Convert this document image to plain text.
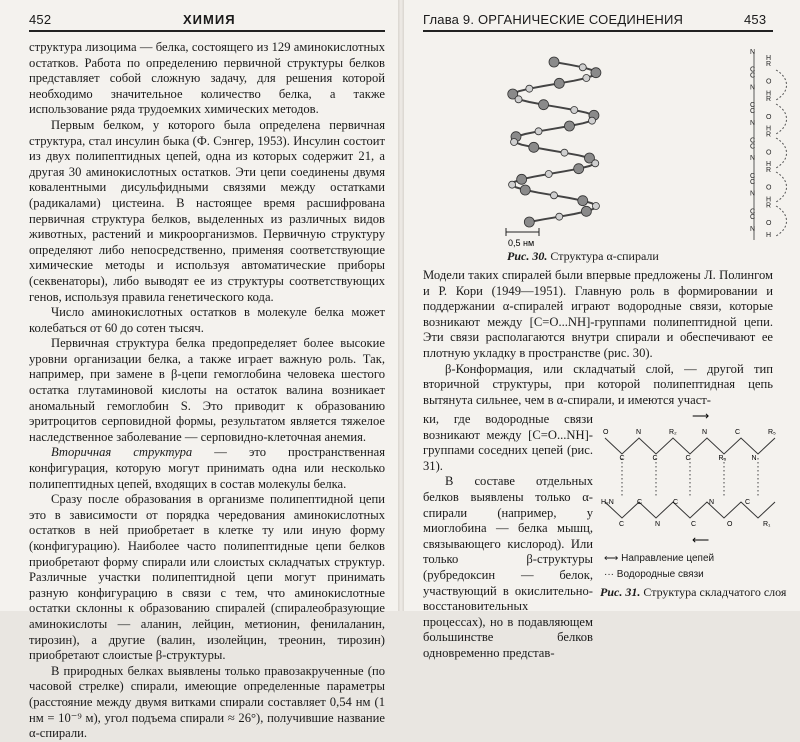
452	ХИМИЯ

структура лизоцима — белка, состоящего из 129 аминокислотных остатков. Работа по определению первичной структуры белков представляет собой сложную задачу, для решения которой необходимо значительное количество белка, а также использование ряда трудоемких химических методов.

Первым белком, у которого была определена первичная структура, стал инсулин быка (Ф. Сэнгер, 1953). Инсулин состоит из двух полипептидных цепей, одна из которых содержит 21, а другая 30 аминокислотных остатков. Эти цепи соединены двумя ковалентными дисульфидными связями между остатками (радикалами) цистеина. В настоящее время расшифрована первичная структура белков, выделенных из различных видов животных, растений и микроорганизмов. Первичную структуру определяют либо непосредственно, применяя соответствующие химические методы и используя автоматические приборы (секвенаторы), либо выводят ее из структуры соответствующих генов, используя правила генетического кода.

Число аминокислотных остатков в молекуле белка может колебаться от 60 до сотен тысяч.

Первичная структура белка предопределяет более высокие уровни организации белка, а также играет важную роль. Так, например, при замене в β-цепи гемоглобина человека шестого остатка глутаминовой кислоты на остаток валина возникает аномальный гемоглобин S. Это приводит к образованию эритроцитов серповидной формы, результатом является тяжелое наследственное заболевание — серповидно-клеточная анемия.

Вторичная структура — это пространственная конфигурация, которую могут принимать одна или несколько полипептидных цепей, входящих в состав молекулы белка.

Сразу после образования в организме полипептидной цепи это в зависимости от порядка чередования аминокислотных остатков в ней приобретает в клетке ту или иную форму (конфигурацию). Наиболее часто полипептидные цепи белков приобретают форму спирали или слоистых складчатых структур. Различные участки полипептидной цепи могут принимать разную конфигурацию в связи с тем, что аминокислотные остатки склонны к образованию спиралей (спиралеобразующие аминокислоты — аланин, лейцин, метионин, фенилаланин, тирозин), а другие (валин, изолейцин, треонин, тирозин) приобретают слоистые β-структуры.

В природных белках выявлены только правозакрученные (по часовой стрелке) спирали, имеющие определенные параметры (расстояние между двумя витками спирали составляет 0,54 нм (1 нм = 10⁻⁹ м), угол подъема спирали ≈ 26°), получившие название α-спирали.

Глава 9. ОРГАНИЧЕСКИЕ СОЕДИНЕНИЯ	453
N
H
R
C
C
O
N
H
R
C
C
O
N
H
R
C
C
O
N
H
R
C
C
O
N
H
R
C
C
O
N
H
0,5 нм
Рис. 30. Структура α-спирали

Модели таких спиралей были впервые предложены Л. Полингом и Р. Кори (1949—1951). Главную роль в формировании и поддержании α-спиралей играют водородные связи, которые возникают между [C=O...NH]-группами полипептидной цепи. Эти связи располагаются внутри спирали и обеспечивают ее плотную укладку в пространстве (рис. 30).

β-Конформация, или складчатый слой, — другой тип вторичной структуры, при которой полипептидная цепь вытянута сильнее, чем в α-спирали, и имеются участ-

ки, где водородные связи возникают между [C=O...NH]-группами соседних цепей (рис. 31).

В составе отдельных белков выявлены только α-спирали (например, у миоглобина — белка мышц, связывающего кислород). Или только β-структуры (рубредоксин — белок, участвующий в окислительно-восстановительных процессах), но в подавляющем большинстве белков одновременно представ-

⟶
⟵
O
C
N
C
R₂
C
N
R₃
C
N
R₅
H₂N
C
C
N
C
C
N
O
C
R₁
⟷ Направление цепей
··· Водородные связи
Рис. 31. Структура складчатого слоя
